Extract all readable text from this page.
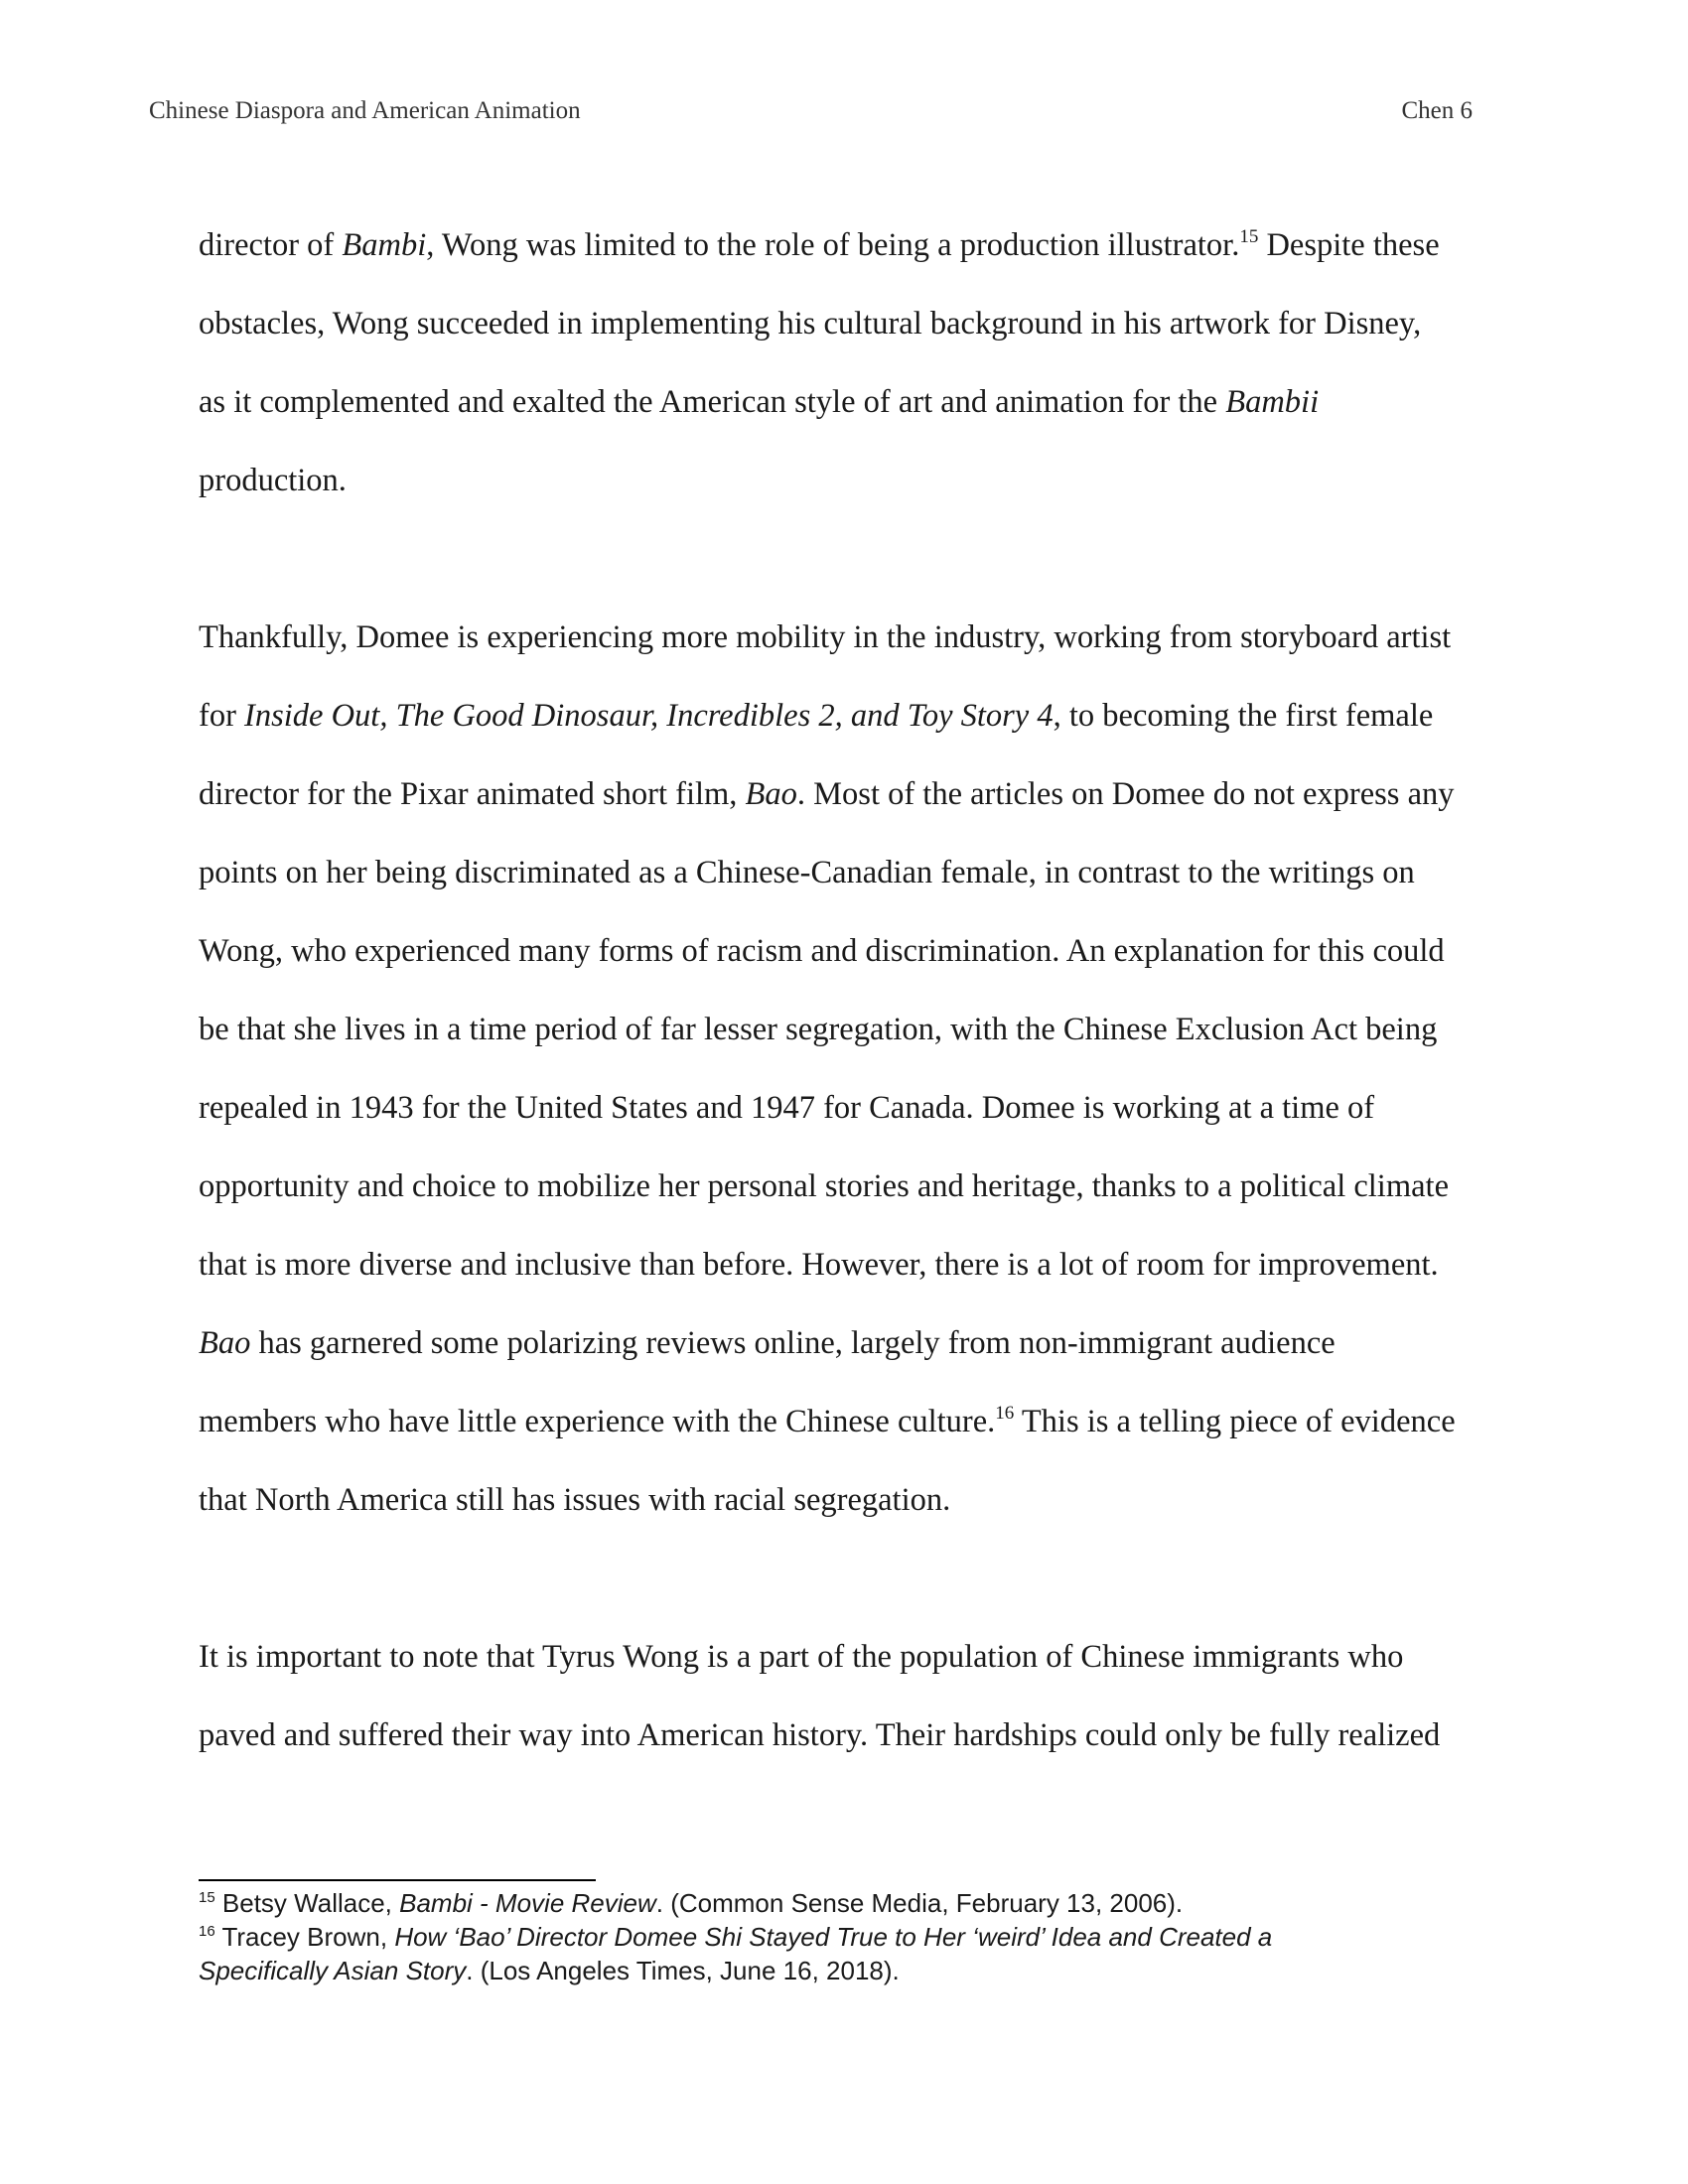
Chinese Diaspora and American Animation	Chen 6

director of Bambi, Wong was limited to the role of being a production illustrator.$^{15}$ Despite these

obstacles, Wong succeeded in implementing his cultural background in his artwork for Disney,

as it complemented and exalted the American style of art and animation for the Bambii

production.

Thankfully, Domee is experiencing more mobility in the industry, working from storyboard artist

for Inside Out, The Good Dinosaur, Incredibles 2, and Toy Story 4, to becoming the first female

director for the Pixar animated short film, Bao. Most of the articles on Domee do not express any

points on her being discriminated as a Chinese-Canadian female, in contrast to the writings on

Wong, who experienced many forms of racism and discrimination. An explanation for this could

be that she lives in a time period of far lesser segregation, with the Chinese Exclusion Act being

repealed in 1943 for the United States and 1947 for Canada. Domee is working at a time of

opportunity and choice to mobilize her personal stories and heritage, thanks to a political climate

that is more diverse and inclusive than before. However, there is a lot of room for improvement.

Bao has garnered some polarizing reviews online, largely from non-immigrant audience

members who have little experience with the Chinese culture.$^{16}$ This is a telling piece of evidence

that North America still has issues with racial segregation.

It is important to note that Tyrus Wong is a part of the population of Chinese immigrants who

paved and suffered their way into American history. Their hardships could only be fully realized

$^{15}$ Betsy Wallace, Bambi - Movie Review. (Common Sense Media, February 13, 2006).

$^{16}$ Tracey Brown, How ‘Bao’ Director Domee Shi Stayed True to Her ‘weird’ Idea and Created a

Specifically Asian Story. (Los Angeles Times, June 16, 2018).
